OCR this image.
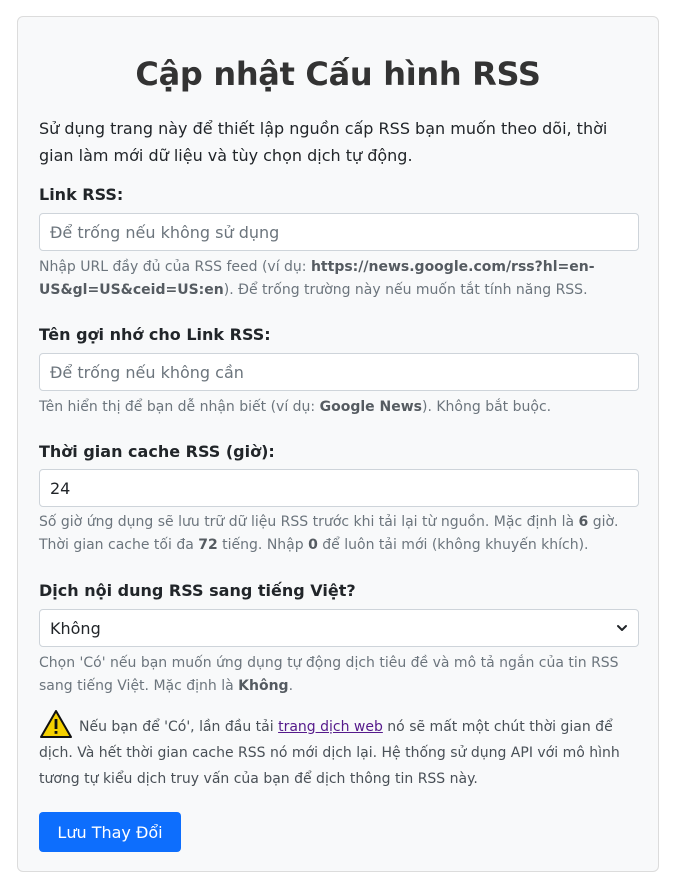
Cập nhật Cấu hình RSS

Sử dụng trang này để thiết lập nguồn cấp RSS bạn muốn theo dõi, thời gian làm mới dữ liệu và tùy chọn dịch tự động.

Link RSS:
Để trống nếu không sử dụng

Nhập URL đầy đủ của RSS feed (ví dụ: https://news.google.com/rss?hl=en-US&gl=US&ceid=US:en). Để trống trường này nếu muốn tắt tính năng RSS.

Tên gợi nhớ cho Link RSS:
Để trống nếu không cần

Tên hiển thị để bạn dễ nhận biết (ví dụ: Google News). Không bắt buộc.

Thời gian cache RSS (giờ):
24

Số giờ ứng dụng sẽ lưu trữ dữ liệu RSS trước khi tải lại từ nguồn. Mặc định là 6 giờ. Thời gian cache tối đa 72 tiếng. Nhập 0 để luôn tải mới (không khuyến khích).

Dịch nội dung RSS sang tiếng Việt?
Không

Chọn 'Có' nếu bạn muốn ứng dụng tự động dịch tiêu đề và mô tả ngắn của tin RSS sang tiếng Việt. Mặc định là Không.

Nếu bạn để 'Có', lần đầu tải trang dịch web nó sẽ mất một chút thời gian để dịch. Và hết thời gian cache RSS nó mới dịch lại. Hệ thống sử dụng API với mô hình tương tự kiểu dịch truy vấn của bạn để dịch thông tin RSS này.

Lưu Thay Đổi
